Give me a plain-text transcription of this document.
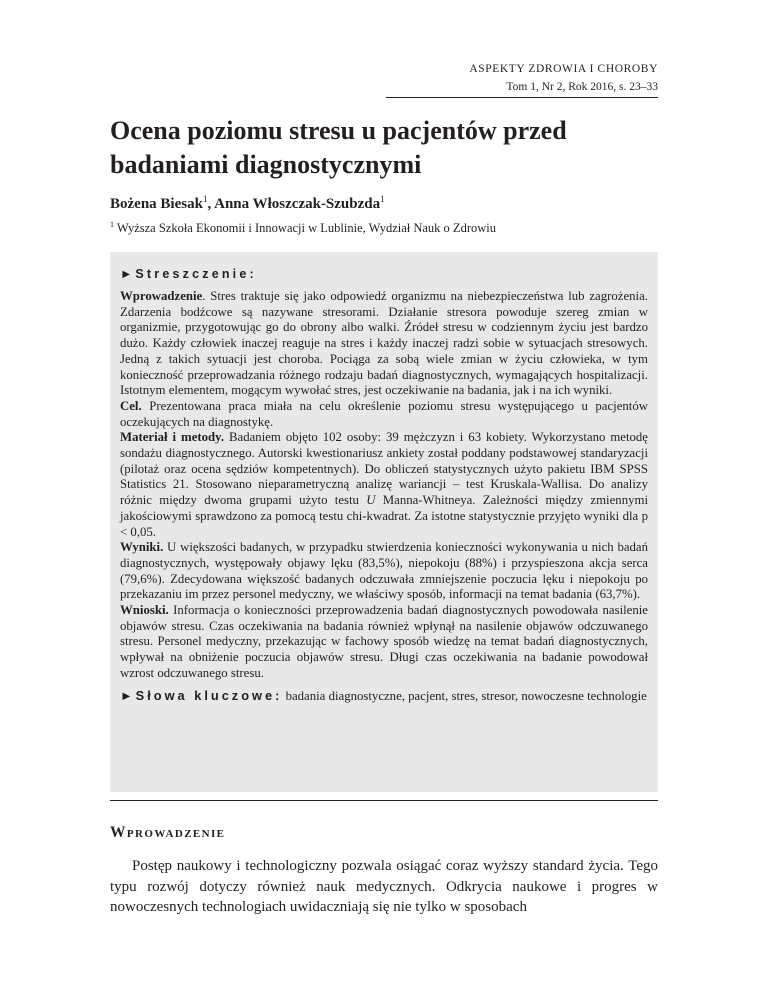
ASPEKTY ZDROWIA I CHOROBY
Tom 1, Nr 2, Rok 2016, s. 23–33
Ocena poziomu stresu u pacjentów przed badaniami diagnostycznymi
Bożena Biesak$^1$, Anna Włoszczak-Szubzda$^1$
$^1$ Wyższa Szkoła Ekonomii i Innowacji w Lublinie, Wydział Nauk o Zdrowiu
► Streszczenie:

Wprowadzenie. Stres traktuje się jako odpowiedź organizmu na niebezpieczeństwa lub zagrożenia. Zdarzenia bodźcowe są nazywane stresorami. Działanie stresora powoduje szereg zmian w organizmie, przygotowując go do obrony albo walki. Źródeł stresu w codziennym życiu jest bardzo dużo. Każdy człowiek inaczej reaguje na stres i każdy inaczej radzi sobie w sytuacjach stresowych. Jedną z takich sytuacji jest choroba. Pociąga za sobą wiele zmian w życiu człowieka, w tym konieczność przeprowadzania różnego rodzaju badań diagnostycznych, wymagających hospitalizacji. Istotnym elementem, mogącym wywołać stres, jest oczekiwanie na badania, jak i na ich wyniki.

Cel. Prezentowana praca miała na celu określenie poziomu stresu występującego u pacjentów oczekujących na diagnostykę.

Materiał i metody. Badaniem objęto 102 osoby: 39 mężczyzn i 63 kobiety. Wykorzystano metodę sondażu diagnostycznego. Autorski kwestionariusz ankiety został poddany podstawowej standaryzacji (pilotaż oraz ocena sędziów kompetentnych). Do obliczeń statystycznych użyto pakietu IBM SPSS Statistics 21. Stosowano nieparametryczną analizę wariancji – test Kruskala-Wallisa. Do analizy różnic między dwoma grupami użyto testu U Manna-Whitneya. Zależności między zmiennymi jakościowymi sprawdzono za pomocą testu chi-kwadrat. Za istotne statystycznie przyjęto wyniki dla p < 0,05.

Wyniki. U większości badanych, w przypadku stwierdzenia konieczności wykonywania u nich badań diagnostycznych, występowały objawy lęku (83,5%), niepokoju (88%) i przyspieszona akcja serca (79,6%). Zdecydowana większość badanych odczuwała zmniejszenie poczucia lęku i niepokoju po przekazaniu im przez personel medyczny, we właściwy sposób, informacji na temat badania (63,7%).

Wnioski. Informacja o konieczności przeprowadzenia badań diagnostycznych powodowała nasilenie objawów stresu. Czas oczekiwania na badania również wpłynął na nasilenie objawów odczuwanego stresu. Personel medyczny, przekazując w fachowy sposób wiedzę na temat badań diagnostycznych, wpływał na obniżenie poczucia objawów stresu. Długi czas oczekiwania na badanie powodował wzrost odczuwanego stresu.

► Słowa kluczowe: badania diagnostyczne, pacjent, stres, stresor, nowoczesne technologie
Wprowadzenie

Postęp naukowy i technologiczny pozwala osiągać coraz wyższy standard życia. Tego typu rozwój dotyczy również nauk medycznych. Odkrycia naukowe i progres w nowoczesnych technologiach uwidaczniają się nie tylko w sposobach
